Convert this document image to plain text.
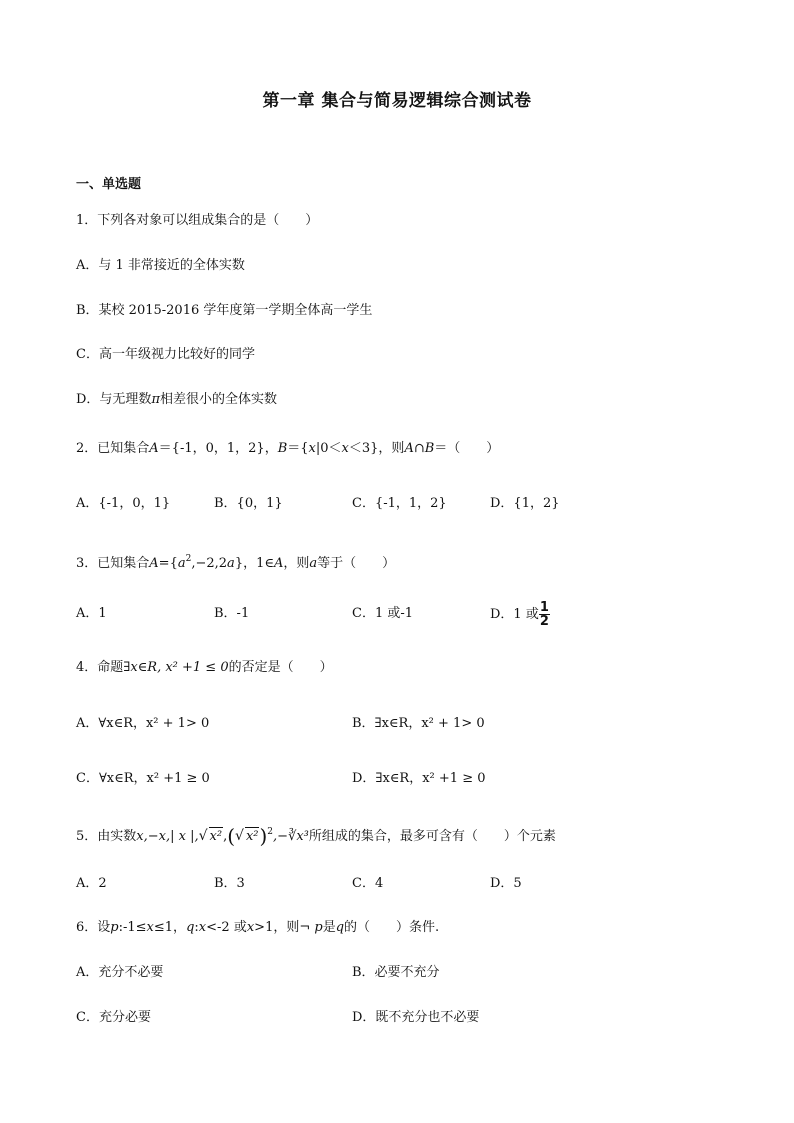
第一章 集合与简易逻辑综合测试卷
一、单选题
1．下列各对象可以组成集合的是（　　）
A．与 1 非常接近的全体实数
B．某校 2015-2016 学年度第一学期全体高一学生
C．高一年级视力比较好的同学
D．与无理数π相差很小的全体实数
2．已知集合A＝{-1，0，1，2}，B＝{x|0＜x＜3}，则A∩B＝（　　）
A．{-1，0，1}	B．{0，1}	C．{-1，1，2}	D．{1，2}
3．已知集合$A=\{a^2,-2,2a\}$，1∈A，则a等于（　　）
A．1	B．-1	C．1 或-1	D．1 或 $\frac{1}{2}$
4．命题∃x∈R, x² +1 ≤ 0的否定是（　　）
A．∀x∈R，x² + 1> 0	B．∃x∈R，x² + 1> 0
C．∀x∈R，x² +1 ≥ 0	D．∃x∈R，x² +1 ≥ 0
5．由实数x,−x,| x |,√ x²,(√ x²)$^2$,−∛x³所组成的集合，最多可含有（　　）个元素
A．2	B．3	C．4	D．5
6．设p:-1≤x≤1，q:x<-2 或x>1，则¬ p是q的（　　）条件.
A．充分不必要	B．必要不充分
C．充分必要	D．既不充分也不必要
